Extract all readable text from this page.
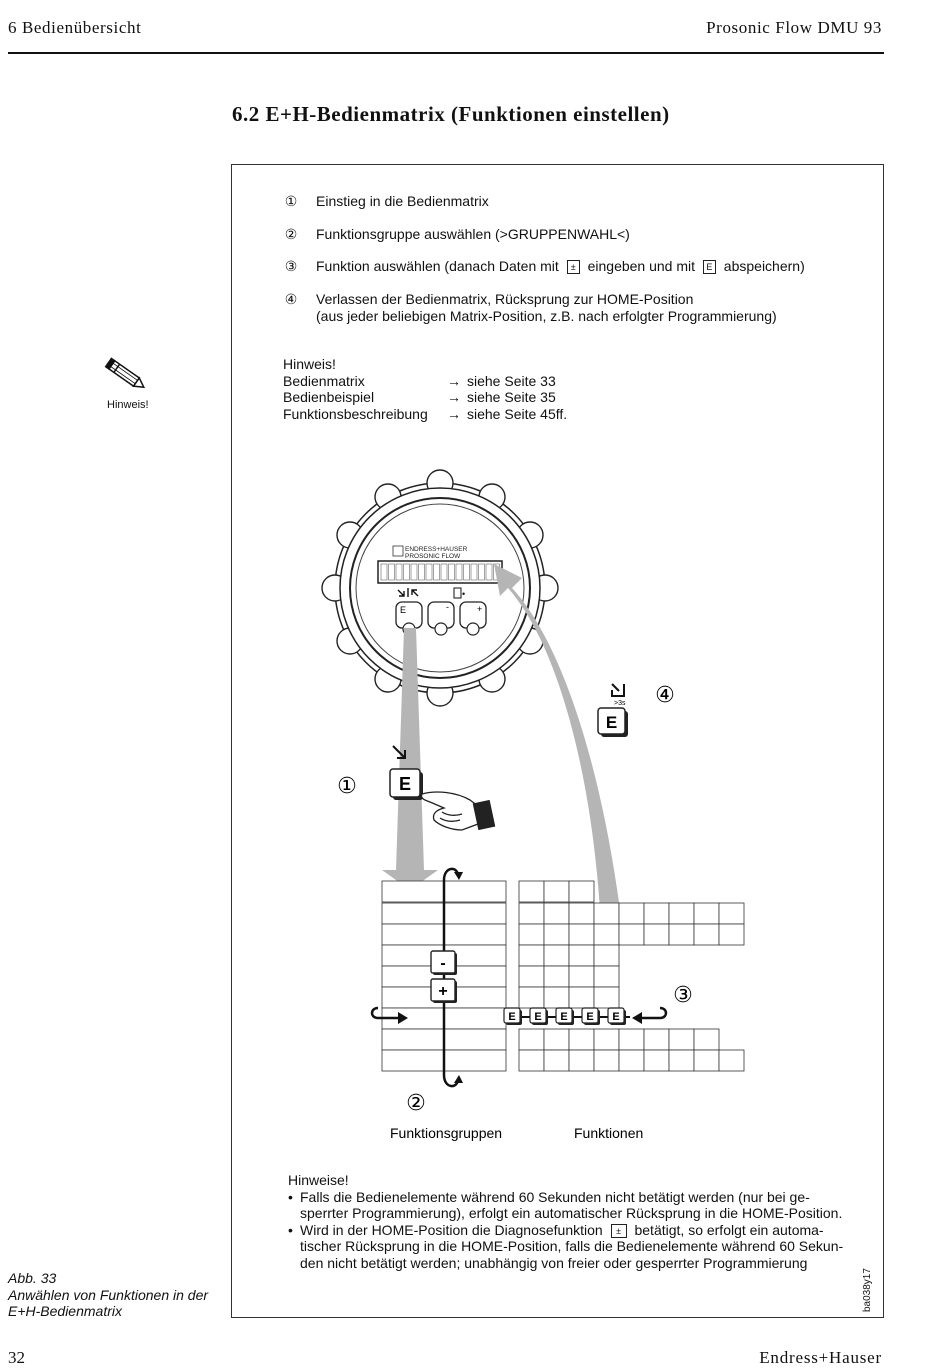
6 Bedienübersicht	Prosonic Flow DMU 93
6.2 E+H-Bedienmatrix (Funktionen einstellen)
① Einstieg in die Bedienmatrix
② Funktionsgruppe auswählen (>GRUPPENWAHL<)
③ Funktion auswählen (danach Daten mit ± eingeben und mit E abspeichern)
④ Verlassen der Bedienmatrix, Rücksprung zur HOME-Position
(aus jeder beliebigen Matrix-Position, z.B. nach erfolgter Programmierung)
Hinweis!
Hinweis!
Bedienmatrix	→ siehe Seite 33
Bedienbeispiel	→ siehe Seite 35
Funktionsbeschreibung → siehe Seite 45ff.
ENDRESS+HAUSER
PROSONIC FLOW
•
E	-	+
④
①
③
②
>3s
E
E
-
+
E E E E E
Funktionsgruppen	Funktionen
Hinweise!
• Falls die Bedienelemente während 60 Sekunden nicht betätigt werden (nur bei ge-
sperrter Programmierung), erfolgt ein automatischer Rücksprung in die HOME-Position.
• Wird in der HOME-Position die Diagnosefunktion ± betätigt, so erfolgt ein automa-
tischer Rücksprung in die HOME-Position, falls die Bedienelemente während 60 Sekun-
den nicht betätigt werden; unabhängig von freier oder gesperrter Programmierung
Abb. 33
Anwählen von Funktionen in der
E+H-Bedienmatrix	ba038y17
32	Endress+Hauser
